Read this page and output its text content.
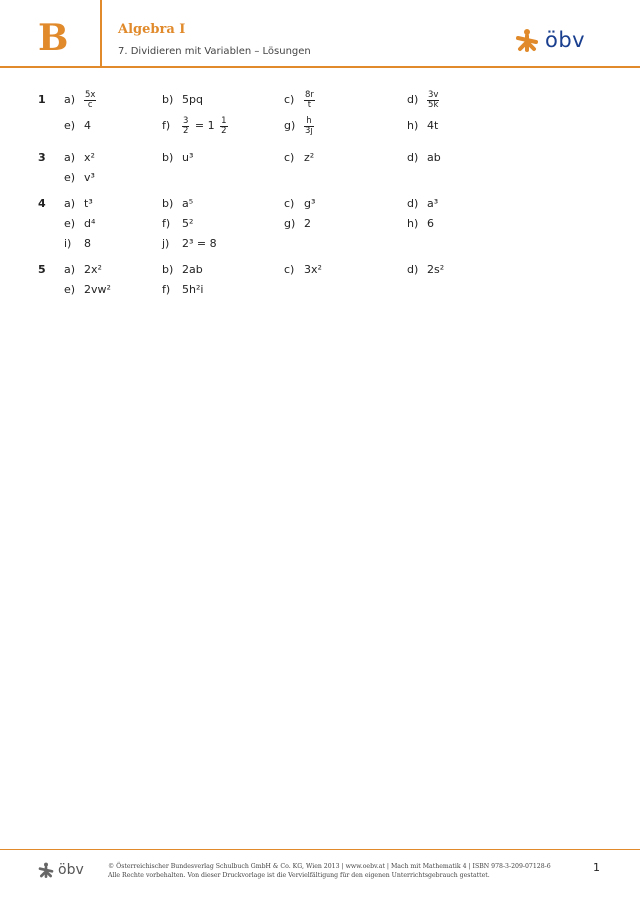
B	Algebra I
7. Dividieren mit Variablen – Lösungen	öbv
1 $a) \frac{5x}{c}$	b) 5pq	$c) \frac{8r}{t}$	$d) \frac{3v}{5k}$
e) 4	$f) \frac{3}{2} = 1 \frac{1}{2}$	$g) \frac{h}{3j}$	h) 4t
3 a) x²	b) u³	c) z²	d) ab
e) v³
4 a) t³	b) a⁵	c) g³	d) a³
e) d⁴	f) 5²	g) 2	h) 6
i) 8	j) 2³ = 8
5 a) 2x²	b) 2ab	c) 3x²	d) 2s²
e) 2vw²	f) 5h²i
öbv	© Österreichischer Bundesverlag Schulbuch GmbH & Co. KG, Wien 2013 | www.oebv.at | Mach mit Mathematik 4 | ISBN 978-3-209-07128-6
Alle Rechte vorbehalten. Von dieser Druckvorlage ist die Vervielfältigung für den eigenen Unterrichtsgebrauch gestattet.
1
